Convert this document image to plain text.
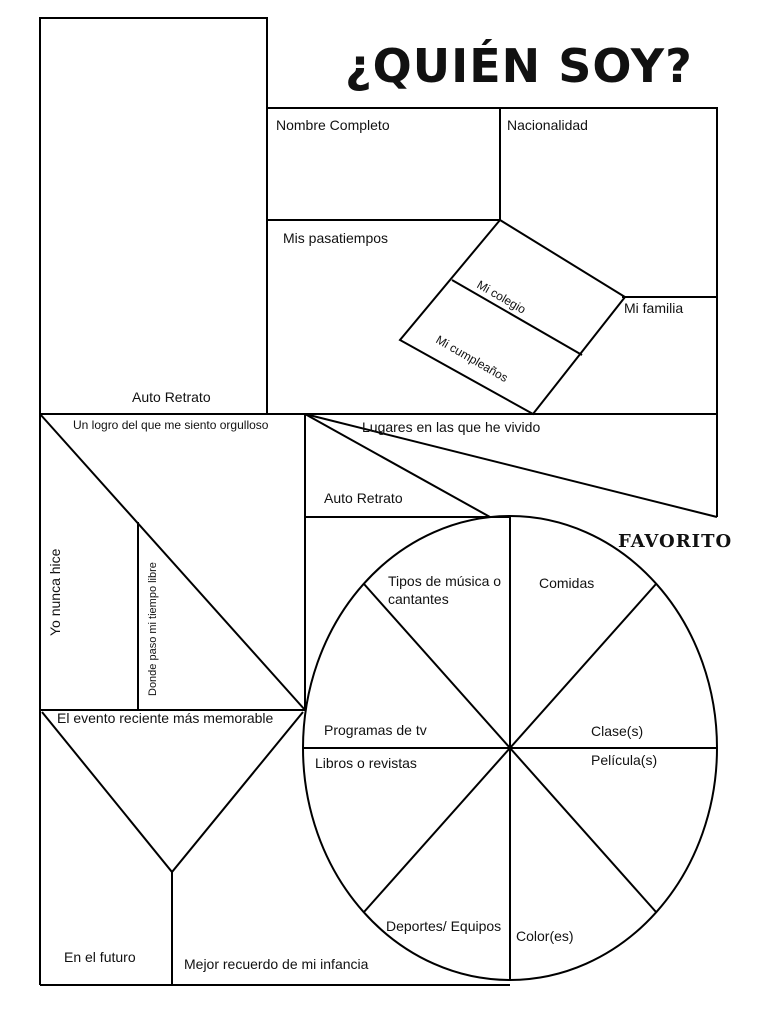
¿QUIÉN SOY?
FAVORITO
Auto Retrato
Nombre Completo	Nacionalidad
Mis pasatiempos
Mi colegio
Mi cumpleaños
Mi familia
Un logro del que me siento orgulloso	Lugares en las que he vivido
Auto Retrato
Yo nunca hice	Donde paso mi tiempo libre
El evento reciente más memorable
En el futuro	Mejor recuerdo de mi infancia
Tipos de música o
cantantes
Comidas
Programas de tv	Clase(s)
Libros o revistas	Película(s)
Deportes/ Equipos
Color(es)
